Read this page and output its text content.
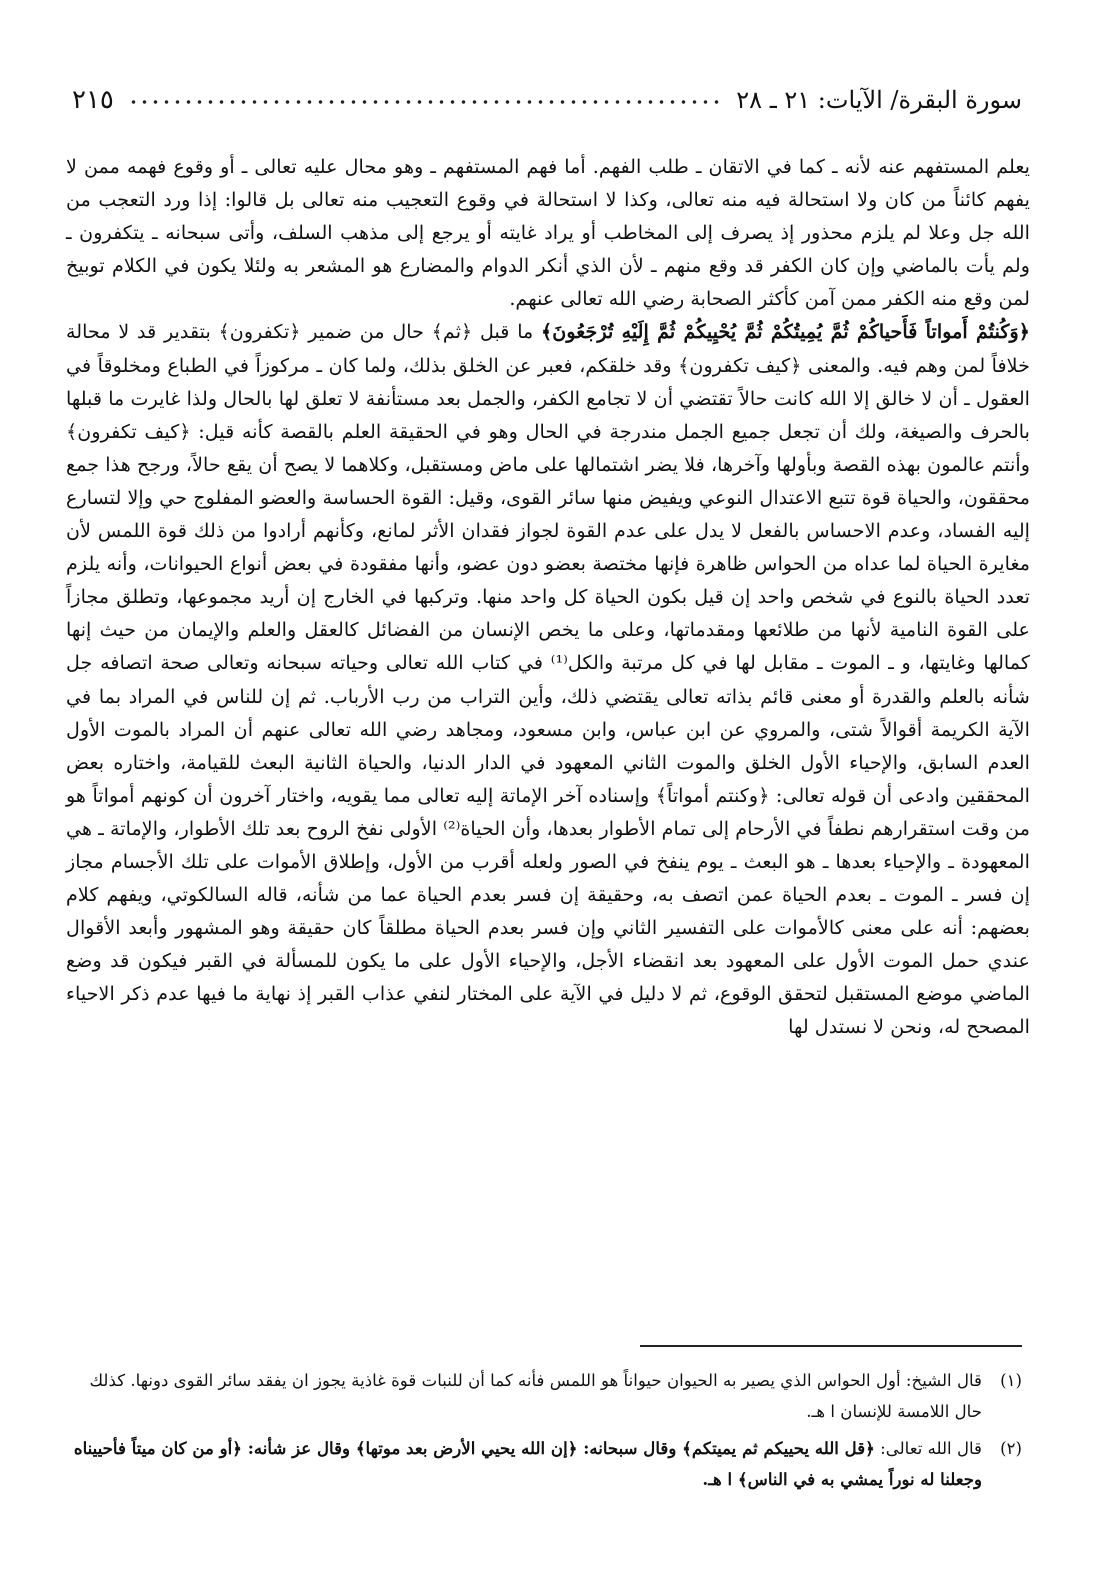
سورة البقرة/ الآيات: ٢١ ـ ٢٨
٢١٥

يعلم المستفهم عنه لأنه ـ كما في الاتقان ـ طلب الفهم. أما فهم المستفهم ـ وهو محال عليه تعالى ـ أو وقوع فهمه ممن لا يفهم كائناً من كان ولا استحالة فيه منه تعالى، وكذا لا استحالة في وقوع التعجيب منه تعالى بل قالوا: إذا ورد التعجب من الله جل وعلا لم يلزم محذور إذ يصرف إلى المخاطب أو يراد غايته أو يرجع إلى مذهب السلف، وأتى سبحانه ـ يتكفرون ـ ولم يأت بالماضي وإن كان الكفر قد وقع منهم ـ لأن الذي أنكر الدوام والمضارع هو المشعر به ولئلا يكون في الكلام توبيخ لمن وقع منه الكفر ممن آمن كأكثر الصحابة رضي الله تعالى عنهم.

﴿وَكُنتُمْ أَمواتاً فَأَحياكُمْ ثُمَّ يُمِيتُكُمْ ثُمَّ يُحْيِيكُمْ ثُمَّ إِلَيْهِ تُرْجَعُونَ﴾ ما قبل ﴿ثم﴾ حال من ضمير ﴿تكفرون﴾ بتقدير قد لا محالة خلافاً لمن وهم فيه. والمعنى ﴿كيف تكفرون﴾ وقد خلقكم، فعبر عن الخلق بذلك، ولما كان ـ مركوزاً في الطباع ومخلوقاً في العقول ـ أن لا خالق إلا الله كانت حالاً تقتضي أن لا تجامع الكفر، والجمل بعد مستأنفة لا تعلق لها بالحال ولذا غايرت ما قبلها بالحرف والصيغة، ولك أن تجعل جميع الجمل مندرجة في الحال وهو في الحقيقة العلم بالقصة كأنه قيل: ﴿كيف تكفرون﴾ وأنتم عالمون بهذه القصة وبأولها وآخرها، فلا يضر اشتمالها على ماض ومستقبل، وكلاهما لا يصح أن يقع حالاً، ورجح هذا جمع محققون، والحياة قوة تتبع الاعتدال النوعي ويفيض منها سائر القوى، وقيل: القوة الحساسة والعضو المفلوج حي وإلا لتسارع إليه الفساد، وعدم الاحساس بالفعل لا يدل على عدم القوة لجواز فقدان الأثر لمانع، وكأنهم أرادوا من ذلك قوة اللمس لأن مغايرة الحياة لما عداه من الحواس ظاهرة فإنها مختصة بعضو دون عضو، وأنها مفقودة في بعض أنواع الحيوانات، وأنه يلزم تعدد الحياة بالنوع في شخص واحد إن قيل بكون الحياة كل واحد منها. وتركبها في الخارج إن أريد مجموعها، وتطلق مجازاً على القوة النامية لأنها من طلائعها ومقدماتها، وعلى ما يخص الإنسان من الفضائل كالعقل والعلم والإيمان من حيث إنها كمالها وغايتها، و ـ الموت ـ مقابل لها في كل مرتبة والكل⁽¹⁾ في كتاب الله تعالى وحياته سبحانه وتعالى صحة اتصافه جل شأنه بالعلم والقدرة أو معنى قائم بذاته تعالى يقتضي ذلك، وأين التراب من رب الأرباب. ثم إن للناس في المراد بما في الآية الكريمة أقوالاً شتى، والمروي عن ابن عباس، وابن مسعود، ومجاهد رضي الله تعالى عنهم أن المراد بالموت الأول العدم السابق، والإحياء الأول الخلق والموت الثاني المعهود في الدار الدنيا، والحياة الثانية البعث للقيامة، واختاره بعض المحققين وادعى أن قوله تعالى: ﴿وكنتم أمواتاً﴾ وإسناده آخر الإماتة إليه تعالى مما يقويه، واختار آخرون أن كونهم أمواتاً هو من وقت استقرارهم نطفاً في الأرحام إلى تمام الأطوار بعدها، وأن الحياة⁽²⁾ الأولى نفخ الروح بعد تلك الأطوار، والإماتة ـ هي المعهودة ـ والإحياء بعدها ـ هو البعث ـ يوم ينفخ في الصور ولعله أقرب من الأول، وإطلاق الأموات على تلك الأجسام مجاز إن فسر ـ الموت ـ بعدم الحياة عمن اتصف به، وحقيقة إن فسر بعدم الحياة عما من شأنه، قاله السالكوتي، ويفهم كلام بعضهم: أنه على معنى كالأموات على التفسير الثاني وإن فسر بعدم الحياة مطلقاً كان حقيقة وهو المشهور وأبعد الأقوال عندي حمل الموت الأول على المعهود بعد انقضاء الأجل، والإحياء الأول على ما يكون للمسألة في القبر فيكون قد وضع الماضي موضع المستقبل لتحقق الوقوع، ثم لا دليل في الآية على المختار لنفي عذاب القبر إذ نهاية ما فيها عدم ذكر الاحياء المصحح له، ونحن لا نستدل لها

(١)
قال الشيخ: أول الحواس الذي يصير به الحيوان حيواناً هو اللمس فأنه كما أن للنبات قوة غاذية يجوز ان يفقد سائر القوى دونها. كذلك حال اللامسة للإنسان ا هـ.
(٢)
قال الله تعالى: ﴿قل الله يحييكم ثم يميتكم﴾ وقال سبحانه: ﴿إن الله يحيي الأرض بعد موتها﴾ وقال عز شأنه: ﴿أو من كان ميتاً فأحييناه وجعلنا له نوراً يمشي به في الناس﴾ ا هـ.
